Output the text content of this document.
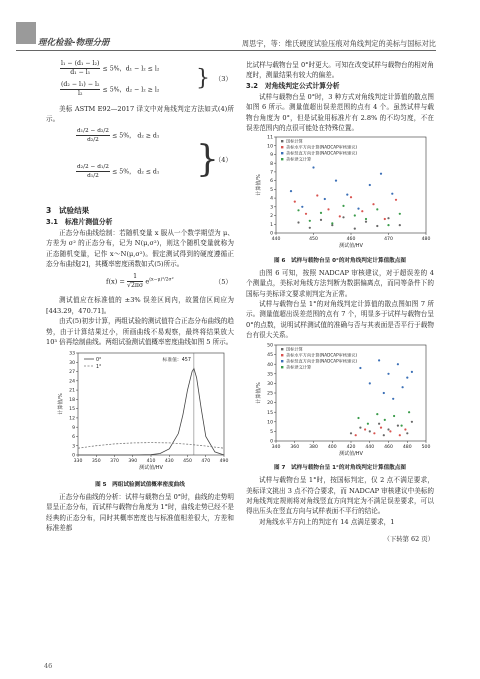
理化检验-物理分册	周思宇，等：维氏硬度试验压痕对角线判定的美标与国标对比
$\frac{\text{l₁ − (d₁ − l₂)}}{\text{d₁ − l₁}} \le 5\%$，d₁ − l₂ ≤ l₂
$\frac{\text{(d₂ − l₁) − l₂}}{\text{l₂}} \le 5\%$，d₂ − l₂ ≥ l₂ } （3）

美标 ASTM E92—2017 译文中对角线判定方法如式(4)所示。

$\frac{\text{d₁/2 − d₂/2}}{\text{d₂/2}} \le 5\%$， d₂ ≥ d₁
$\frac{\text{d₂/2 − d₁/2}}{\text{d₁/2}} \le 5\%$， d₂ ≤ d₁ }
（4）

3　试验结果

3.1　标准片测值分析

正态分布曲线绘制：若随机变量 x 服从一个数学期望为 μ、方差为 σ² 的正态分布，记为 N(μ,σ²)，则这个随机变量就称为正态随机变量，记作 x～N(μ,σ²)。假定测试得到的硬度遵循正态分布曲线[2]，其概率密度函数如式(5)所示。

$f(x) = \frac{1}{√2\pi\sigma} e^{(x-\mu)^2/2\sigma^2}$	（5）

测试值应在标准值的 ±3% 误差区间内，故置信区间应为[443.29，470.71]。

由式(5)初步计算，两组试验的测试值符合正态分布曲线的趋势，由于计算结果过小，所画曲线不易观察，最终将结果放大 10³ 倍再绘制曲线。两组试验测试值概率密度曲线如图 5 所示。

330 350 370 390 410 430 450 470 490
0
3
6
9
12
15
18
21
24
27
30
33
测试值/HV
计算值/%
标准值：457
0°
1°

图 5　两组试验测试值概率密度曲线

正态分布曲线的分析：试样与载物台呈 0°时，曲线的走势明显呈正态分布，而试样与载物台角度为 1°时，曲线走势已经不是经典的正态分布，同时其概率密度也与标准值相差很大，方差和标准差都

比试样与载物台呈 0°时更大。可知在改变试样与载物台的相对角度时，测量结果有较大的偏差。

3.2　对角线判定公式计算分析

试样与载物台呈 0°时，3 种方式对角线判定计算值的散点图如图 6 所示。测量值超出误差范围的点有 4 个。虽然试样与载物台角度为 0°，但是试验用标准片有 2.8% 的不均匀度，不在误差范围内的点很可能处在特殊位置。

440	450	460	470	480
0
1
2
3
4
5
6
7
8
9
10
11
测试值/HV
计算值/%
国标计算
美标水平方向计算(NADCAP审核建议)
美标竖直方向计算(NADCAP审核建议)
美标译文计算

图 6　试样与载物台呈 0°的对角线判定计算值散点图

由图 6 可知，按照 NADCAP 审核建议，对于超误差的 4 个测量点，美标对角线方法判断为数据偏离点，而同等条件下的国标与美标译文要求则判定为正常。

试样与载物台呈 1°的对角线判定计算值的散点图如图 7 所示。测量值超出误差范围的点有 7 个，明显多于试样与载物台呈 0°的点数，说明试样测试值的准确与否与其表面是否平行于载物台有很大关系。

340 360 380 400 420 440 460 480 500
0
5
10
15
20
25
30
35
40
45
50
测试值/HV
计算值/%
国标计算
美标水平方向计算(NADCAP审核建议)
美标竖直方向计算(NADCAP审核建议)
美标译文计算

图 7　试样与载物台呈 1°的对角线判定计算值散点图

试样与载物台呈 1°时，按国标判定，仅 2 点不满足要求，美标译文挑出 3 点不符合要求，而 NADCAP 审核建议中美标的对角线判定规则将对角线竖直方向判定为不满足误差要求，可以得出压头在竖直方向与试样表面不平行的结论。

对角线水平方向上的判定有 14 点满足要求，1

（下转第 62 页）

46
